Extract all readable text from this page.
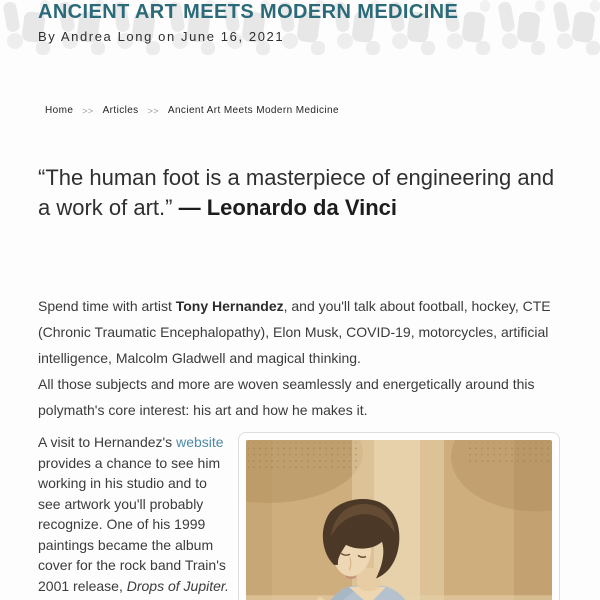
ANCIENT ART MEETS MODERN MEDICINE
By Andrea Long on June 16, 2021
Home >> Articles >> Ancient Art Meets Modern Medicine
“The human foot is a masterpiece of engineering and a work of art.” — Leonardo da Vinci

Spend time with artist Tony Hernandez, and you'll talk about football, hockey, CTE (Chronic Traumatic Encephalopathy), Elon Musk, COVID-19, motorcycles, artificial intelligence, Malcolm Gladwell and magical thinking.

All those subjects and more are woven seamlessly and energetically around this polymath's core interest: his art and how he makes it.

A visit to Hernandez's website provides a chance to see him working in his studio and to see artwork you'll probably recognize. One of his 1999 paintings became the album cover for the rock band Train's 2001 release, Drops of Jupiter.
